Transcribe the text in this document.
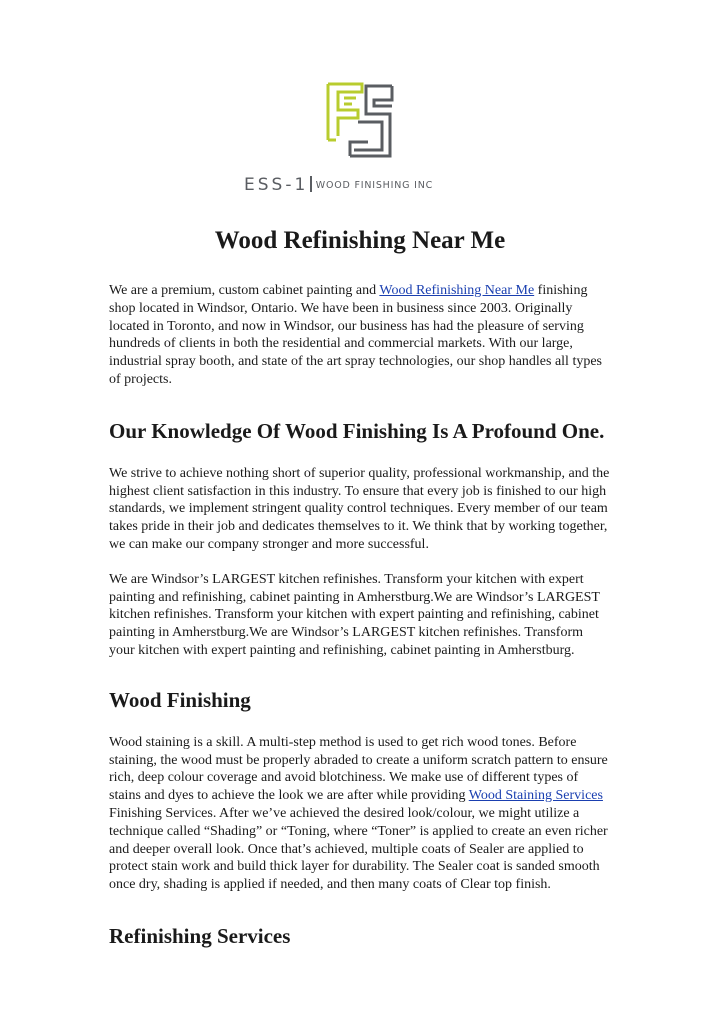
ESS-1 WOOD FINISHING INC
Wood Refinishing Near Me

We are a premium, custom cabinet painting and Wood Refinishing Near Me finishing shop located in Windsor, Ontario. We have been in business since 2003. Originally located in Toronto, and now in Windsor, our business has had the pleasure of serving hundreds of clients in both the residential and commercial markets. With our large, industrial spray booth, and state of the art spray technologies, our shop handles all types of projects.

Our Knowledge Of Wood Finishing Is A Profound One.

We strive to achieve nothing short of superior quality, professional workmanship, and the highest client satisfaction in this industry. To ensure that every job is finished to our high standards, we implement stringent quality control techniques. Every member of our team takes pride in their job and dedicates themselves to it. We think that by working together, we can make our company stronger and more successful.

We are Windsor’s LARGEST kitchen refinishes. Transform your kitchen with expert painting and refinishing, cabinet painting in Amherstburg.We are Windsor’s LARGEST kitchen refinishes. Transform your kitchen with expert painting and refinishing, cabinet painting in Amherstburg.We are Windsor’s LARGEST kitchen refinishes. Transform your kitchen with expert painting and refinishing, cabinet painting in Amherstburg.

Wood Finishing

Wood staining is a skill. A multi-step method is used to get rich wood tones. Before staining, the wood must be properly abraded to create a uniform scratch pattern to ensure rich, deep colour coverage and avoid blotchiness. We make use of different types of stains and dyes to achieve the look we are after while providing Wood Staining Services Finishing Services. After we’ve achieved the desired look/colour, we might utilize a technique called “Shading” or “Toning, where “Toner” is applied to create an even richer and deeper overall look. Once that’s achieved, multiple coats of Sealer are applied to protect stain work and build thick layer for durability. The Sealer coat is sanded smooth once dry, shading is applied if needed, and then many coats of Clear top finish.

Refinishing Services
